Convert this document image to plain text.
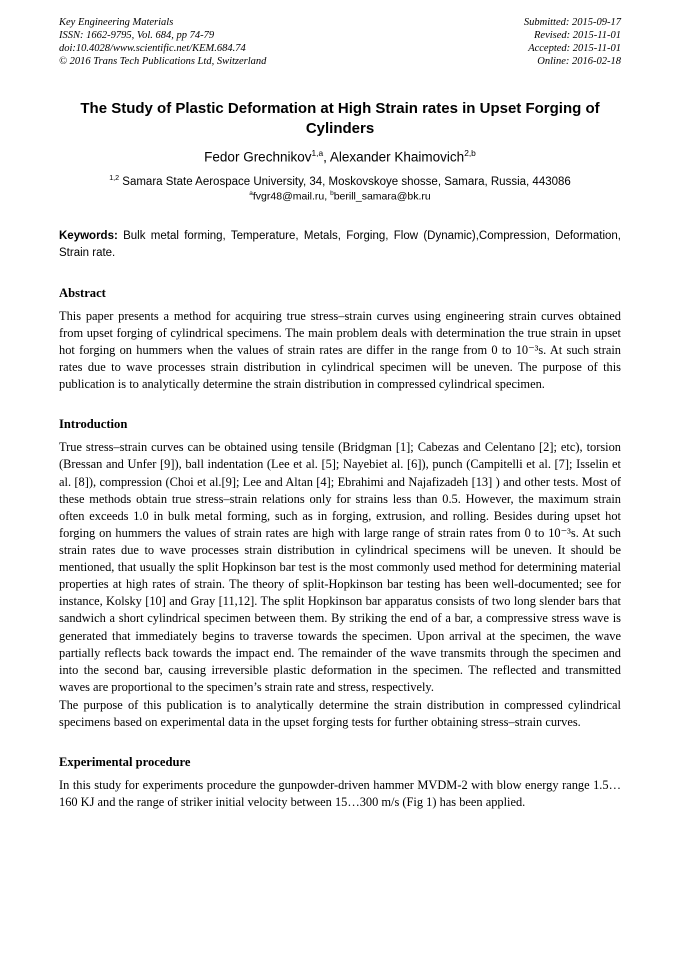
Key Engineering Materials
ISSN: 1662-9795, Vol. 684, pp 74-79
doi:10.4028/www.scientific.net/KEM.684.74
© 2016 Trans Tech Publications Ltd, Switzerland
Submitted: 2015-09-17
Revised: 2015-11-01
Accepted: 2015-11-01
Online: 2016-02-18
The Study of Plastic Deformation at High Strain rates in Upset Forging of Cylinders
Fedor Grechnikov$^{1,a}$, Alexander Khaimovich$^{2,b}$
$^{1,2}$ Samara State Aerospace University, 34, Moskovskoye shosse, Samara, Russia, 443086
$^a$fvgr48@mail.ru, $^b$berill_samara@bk.ru
Keywords: Bulk metal forming, Temperature, Metals, Forging, Flow (Dynamic),Compression, Deformation, Strain rate.
Abstract

This paper presents a method for acquiring true stress–strain curves using engineering strain curves obtained from upset forging of cylindrical specimens. The main problem deals with determination the true strain in upset hot forging on hummers when the values of strain rates are differ in the range from 0 to 10⁻³s. At such strain rates due to wave processes strain distribution in cylindrical specimen will be uneven. The purpose of this publication is to analytically determine the strain distribution in compressed cylindrical specimen.

Introduction

True stress–strain curves can be obtained using tensile (Bridgman [1]; Cabezas and Celentano [2]; etc), torsion (Bressan and Unfer [9]), ball indentation (Lee et al. [5]; Nayebiet al. [6]), punch (Campitelli et al. [7]; Isselin et al. [8]), compression (Choi et al.[9]; Lee and Altan [4]; Ebrahimi and Najafizadeh [13] ) and other tests. Most of these methods obtain true stress–strain relations only for strains less than 0.5. However, the maximum strain often exceeds 1.0 in bulk metal forming, such as in forging, extrusion, and rolling. Besides during upset hot forging on hummers the values of strain rates are high with large range of strain rates from 0 to 10⁻³s. At such strain rates due to wave processes strain distribution in cylindrical specimens will be uneven. It should be mentioned, that usually the split Hopkinson bar test is the most commonly used method for determining material properties at high rates of strain. The theory of split-Hopkinson bar testing has been well-documented; see for instance, Kolsky [10] and Gray [11,12]. The split Hopkinson bar apparatus consists of two long slender bars that sandwich a short cylindrical specimen between them. By striking the end of a bar, a compressive stress wave is generated that immediately begins to traverse towards the specimen. Upon arrival at the specimen, the wave partially reflects back towards the impact end. The remainder of the wave transmits through the specimen and into the second bar, causing irreversible plastic deformation in the specimen. The reflected and transmitted waves are proportional to the specimen’s strain rate and stress, respectively.

The purpose of this publication is to analytically determine the strain distribution in compressed cylindrical specimens based on experimental data in the upset forging tests for further obtaining stress–strain curves.

Experimental procedure

In this study for experiments procedure the gunpowder-driven hammer MVDM-2 with blow energy range 1.5… 160 KJ and the range of striker initial velocity between 15…300 m/s (Fig 1) has been applied.
